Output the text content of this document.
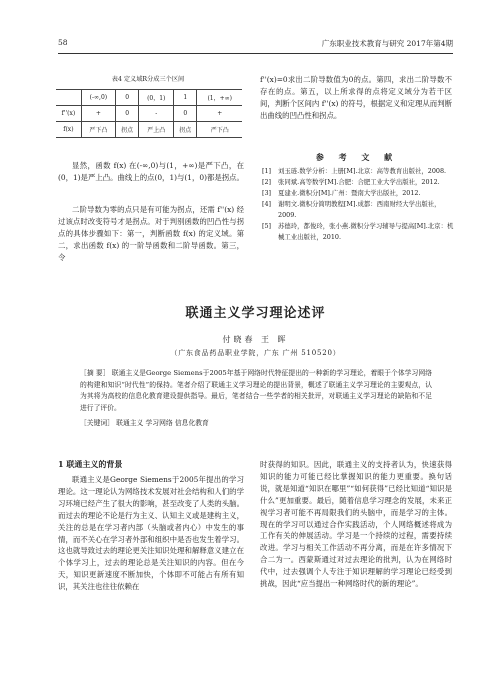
58	广东职业技术教育与研究 2017年第4期
表4 定义域R分成三个区间
	(-∞,0)	0	(0，1)	1	(1，+∞)
f''(x)	+	0	-	0	+
f(x)	严下凸	拐点	严上凸	拐点	严下凸
显然，函数 f(x) 在(-∞,0)与(1，+∞)是严下凸，在(0，1)是严上凸。曲线上的点(0，1)与(1，0)都是拐点。
二阶导数为零的点只是有可能为拐点，还需 f''(x) 经过该点时改变符号才是拐点。对于判别函数的凹凸性与拐点的具体步骤如下：第一，判断函数 f(x) 的定义域。第二，求出函数 f(x) 的一阶导函数和二阶导函数。第三，令
f''(x)=0求出二阶导数值为0的点。第四，求出二阶导数不存在的点。第五，以上所求得的点将定义域分为若干区间，判断个区间内 f''(x) 的符号，根据定义和定理从而判断出曲线的凹凸性和拐点。
参 考 文 献
[1]	刘玉琏.数学分析：上册[M].北京：高等教育出版社，2008.
[2]	张同斌.高等数学[M].合肥：合肥工业大学出版社，2012.
[3]	夏建业.微积分[M].广州：暨南大学出版社，2012.
[4]	谢明文.微积分简明教程[M].成都：西南财经大学出版社，2009.
[5]	苏德玲，都俊玲，张小燕.微积分学习辅导与提高[M].北京：机械工业出版社，2010.
联通主义学习理论述评
付晓春 王 晖
（广东食品药品职业学院，广东 广州 510520）
［摘 要］ 联通主义是George Siemens于2005年基于网络时代特征提出的一种新的学习理论，着眼于个体学习网络的构建和知识“时代性”的保持。笔者介绍了联通主义学习理论的提出背景，概述了联通主义学习理论的主要观点，认为其将为高校的信息化教育建设提供指导。最后，笔者结合一些学者的相关批评，对联通主义学习理论的缺陷和不足进行了评价。
［关键词］ 联通主义 学习网络 信息化教育
1 联通主义的背景
联通主义是George Siemens于2005年提出的学习理论。这一理论认为网络技术发展对社会结构和人们的学习环境已经产生了很大的影响，甚至改变了人类的头脑。而过去的理论不论是行为主义、认知主义或是建构主义，关注的总是在学习者内部（头脑或者内心）中发生的事情，而不关心在学习者外部和组织中是否也发生着学习。这也就导致过去的理论更关注知识处理和解释意义建立在个体学习上，过去的理论总是关注知识的内容。但在今天，知识更新速度不断加快，个体即不可能占有所有知识，其关注也往往依赖在
时获得的知识。因此，联通主义的支持者认为，快速获得知识的能力可能已经比掌握知识的能力更重要。换句话说，就是知道“知识在哪里”“如何获得”已经比知道“知识是什么”更加重要。最后，随着信息学习理念的发展，未来正视学习者可能不再局限我们的头脑中，而是学习的主体。现在的学习可以通过合作实践活动，个人网络概述将成为工作有关的伸展活动。学习是一个持续的过程，需要持续改进。学习与相关工作活动不再分离，而是在许多情况下合二为一。西蒙斯通过对过去理论的批判，认为在网络时代中，过去强调个人专注于知识理解的学习理论已经受到挑战，因此“应当提出一种网络时代的新的理论”。
